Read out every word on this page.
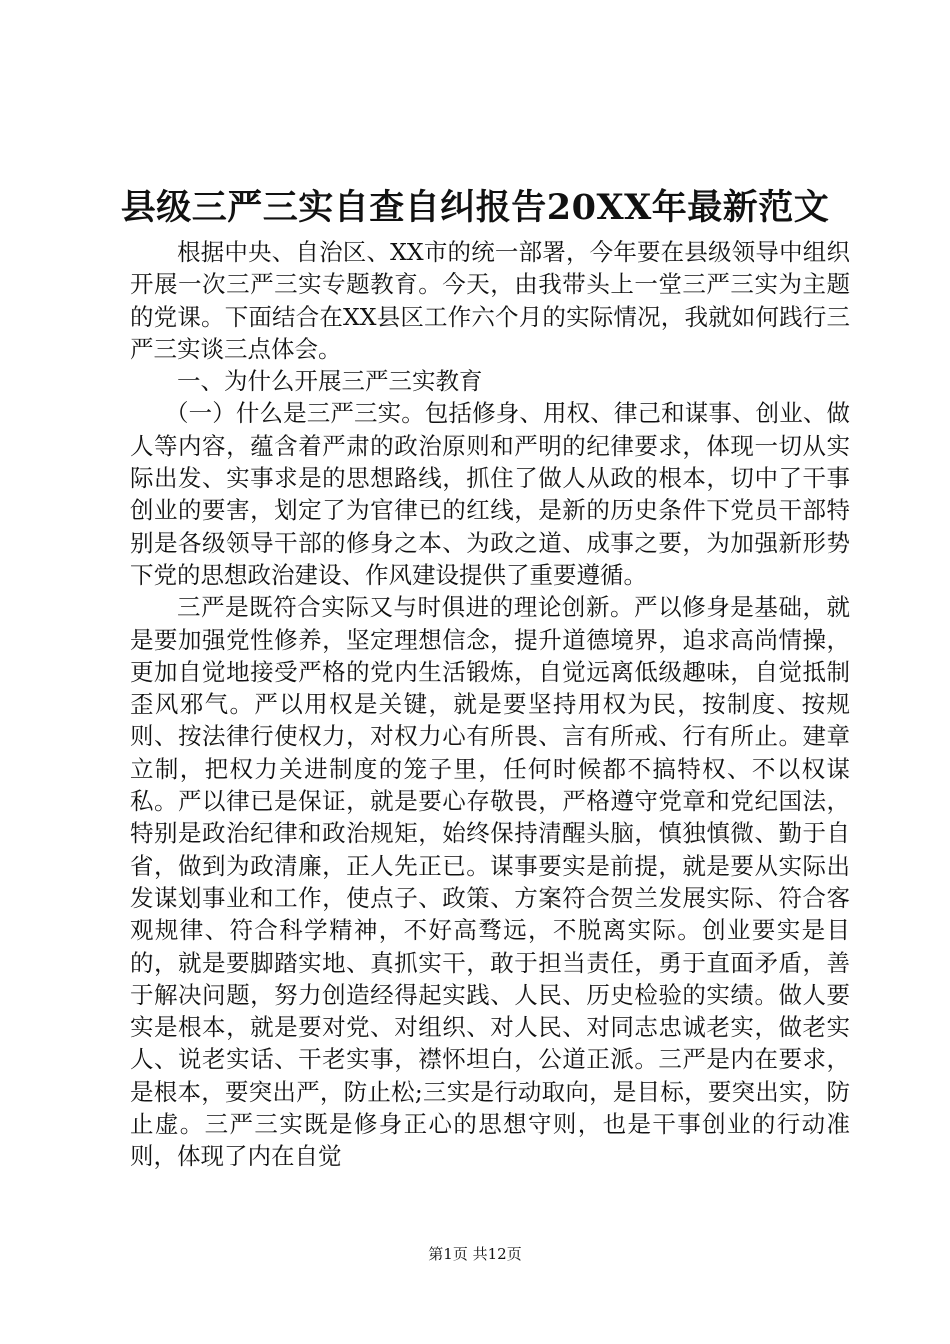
县级三严三实自查自纠报告20XX年最新范文

根据中央、自治区、XX市的统一部署，今年要在县级领导中组织开展一次三严三实专题教育。今天，由我带头上一堂三严三实为主题的党课。下面结合在XX县区工作六个月的实际情况，我就如何践行三严三实谈三点体会。

一、为什么开展三严三实教育

（一）什么是三严三实。包括修身、用权、律己和谋事、创业、做人等内容，蕴含着严肃的政治原则和严明的纪律要求，体现一切从实际出发、实事求是的思想路线，抓住了做人从政的根本，切中了干事创业的要害，划定了为官律已的红线，是新的历史条件下党员干部特别是各级领导干部的修身之本、为政之道、成事之要，为加强新形势下党的思想政治建设、作风建设提供了重要遵循。

三严是既符合实际又与时俱进的理论创新。严以修身是基础，就是要加强党性修养，坚定理想信念，提升道德境界，追求高尚情操，更加自觉地接受严格的党内生活锻炼，自觉远离低级趣味，自觉抵制歪风邪气。严以用权是关键，就是要坚持用权为民，按制度、按规则、按法律行使权力，对权力心有所畏、言有所戒、行有所止。建章立制，把权力关进制度的笼子里，任何时候都不搞特权、不以权谋私。严以律已是保证，就是要心存敬畏，严格遵守党章和党纪国法，特别是政治纪律和政治规矩，始终保持清醒头脑，慎独慎微、勤于自省，做到为政清廉，正人先正已。谋事要实是前提，就是要从实际出发谋划事业和工作，使点子、政策、方案符合贺兰发展实际、符合客观规律、符合科学精神，不好高骛远，不脱离实际。创业要实是目的，就是要脚踏实地、真抓实干，敢于担当责任，勇于直面矛盾，善于解决问题，努力创造经得起实践、人民、历史检验的实绩。做人要实是根本，就是要对党、对组织、对人民、对同志忠诚老实，做老实人、说老实话、干老实事，襟怀坦白，公道正派。三严是内在要求，是根本，要突出严，防止松;三实是行动取向，是目标，要突出实，防止虚。三严三实既是修身正心的思想守则，也是干事创业的行动准则，体现了内在自觉

第1页 共12页
